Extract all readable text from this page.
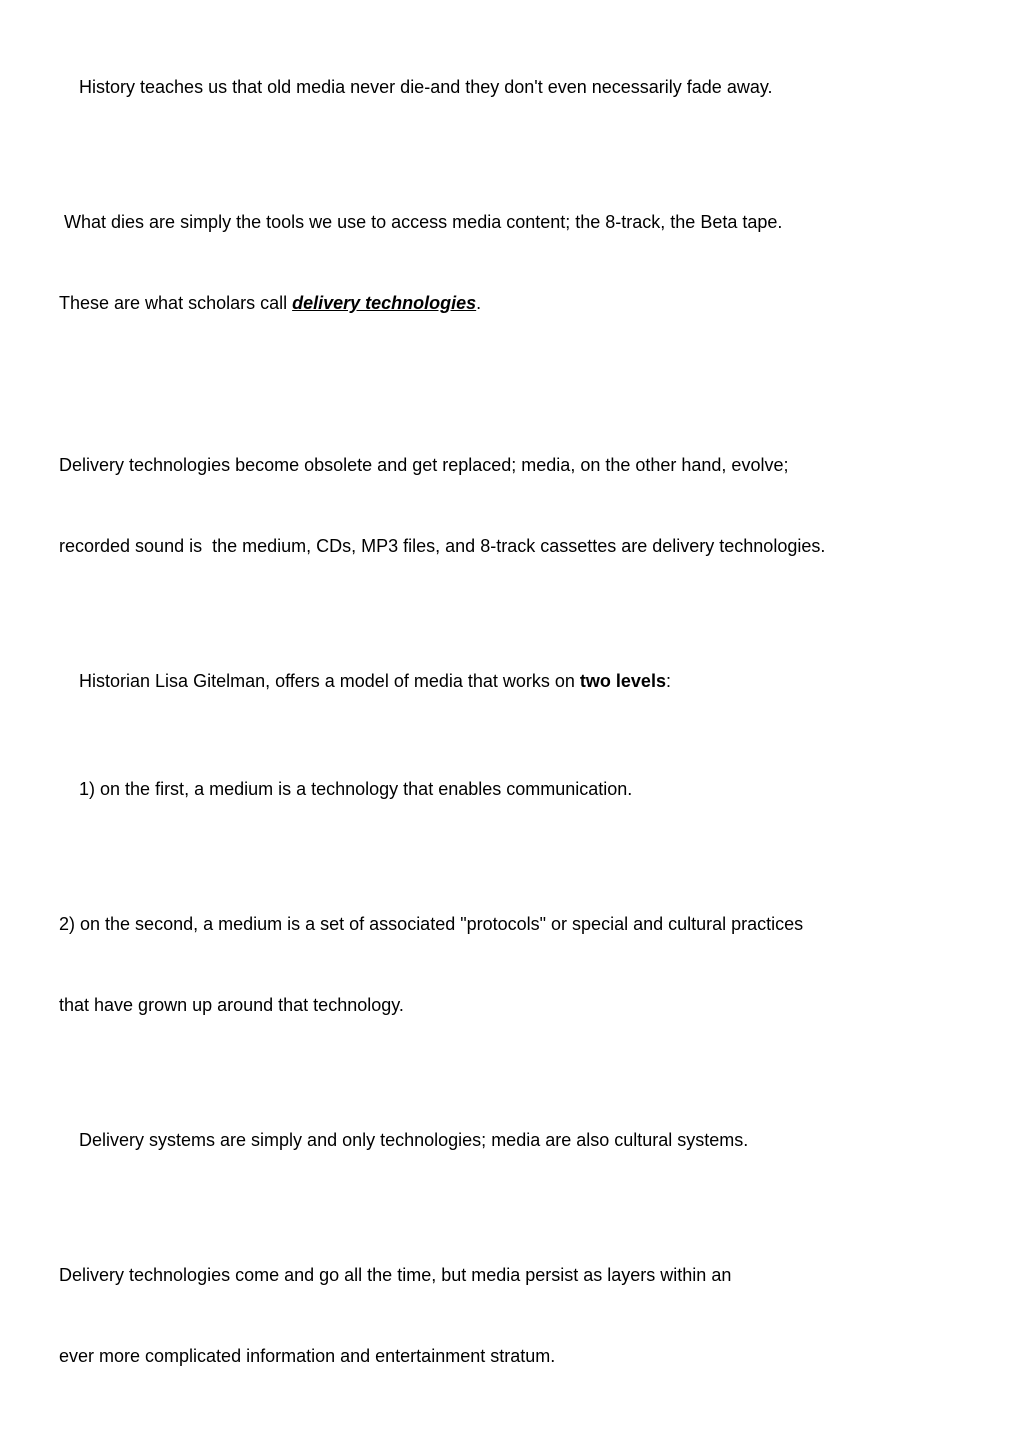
History teaches us that old media never die-and they don't even necessarily fade away.

What dies are simply the tools we use to access media content; the 8-track, the Beta tape.

These are what scholars call delivery technologies.

Delivery technologies become obsolete and get replaced; media, on the other hand, evolve;

recorded sound is  the medium, CDs, MP3 files, and 8-track cassettes are delivery technologies.

Historian Lisa Gitelman, offers a model of media that works on two levels:

1) on the first, a medium is a technology that enables communication.

2) on the second, a medium is a set of associated "protocols" or special and cultural practices

that have grown up around that technology.

Delivery systems are simply and only technologies; media are also cultural systems.

Delivery technologies come and go all the time, but media persist as layers within an

ever more complicated information and entertainment stratum.
